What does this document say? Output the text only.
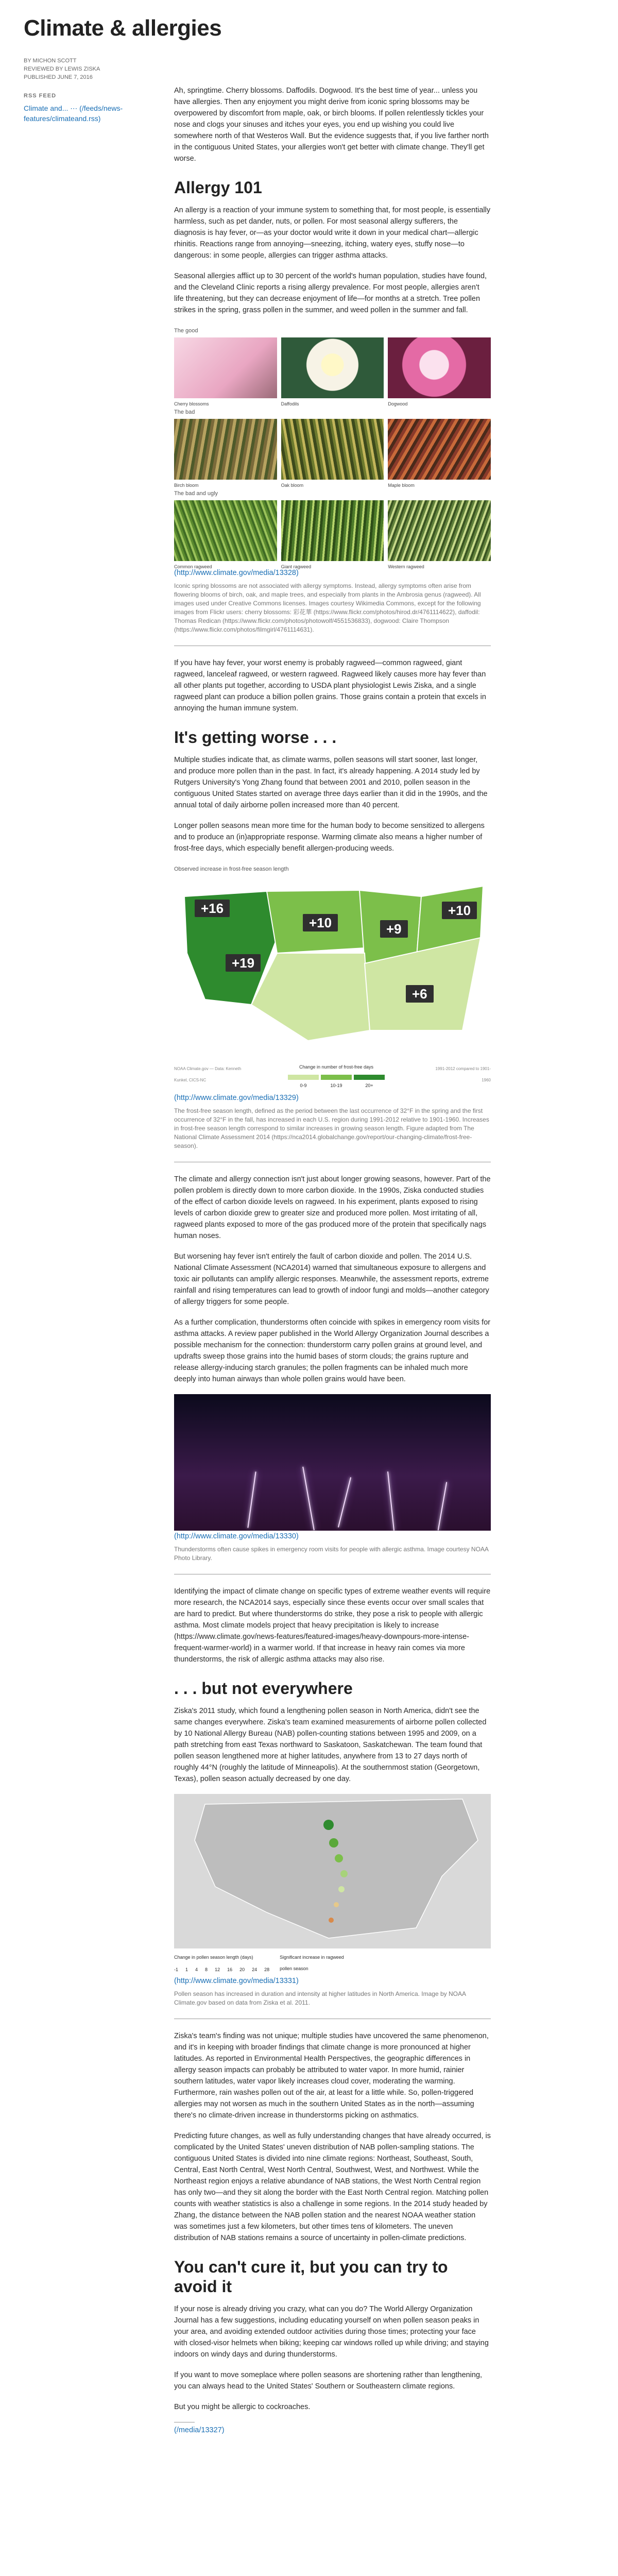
Climate & allergies
BY MICHON SCOTT
REVIEWED BY LEWIS ZISKA
PUBLISHED JUNE 7, 2016
RSS FEED
Climate and... ⋯ (/feeds/news-features/climateand.rss)

Ah, springtime. Cherry blossoms. Daffodils. Dogwood. It's the best time of year... unless you have allergies. Then any enjoyment you might derive from iconic spring blossoms may be overpowered by discomfort from maple, oak, or birch blooms. If pollen relentlessly tickles your nose and clogs your sinuses and itches your eyes, you end up wishing you could live somewhere north of that Westeros Wall. But the evidence suggests that, if you live farther north in the contiguous United States, your allergies won't get better with climate change. They'll get worse.

Allergy 101

An allergy is a reaction of your immune system to something that, for most people, is essentially harmless, such as pet dander, nuts, or pollen. For most seasonal allergy sufferers, the diagnosis is hay fever, or—as your doctor would write it down in your medical chart—allergic rhinitis. Reactions range from annoying—sneezing, itching, watery eyes, stuffy nose—to dangerous: in some people, allergies can trigger asthma attacks.

Seasonal allergies afflict up to 30 percent of the world's human population, studies have found, and the Cleveland Clinic reports a rising allergy prevalence. For most people, allergies aren't life threatening, but they can decrease enjoyment of life—for months at a stretch. Tree pollen strikes in the spring, grass pollen in the summer, and weed pollen in the summer and fall.

The good
Cherry blossoms	Daffodils	Dogwood
The bad
Birch bloom	Oak bloom	Maple bloom
The bad and ugly
Common ragweed	Giant ragweed	Western ragweed
(http://www.climate.gov/media/13328)
Iconic spring blossoms are not associated with allergy symptoms. Instead, allergy symptoms often arise from flowering blooms of birch, oak, and maple trees, and especially from plants in the Ambrosia genus (ragweed). All images used under Creative Commons licenses. Images courtesy Wikimedia Commons, except for the following images from Flickr users: cherry blossoms: 彩花華 (https://www.flickr.com/photos/hirod.dr/4761114622), daffodil: Thomas Redican (https://www.flickr.com/photos/photowolf/4551536833), dogwood: Claire Thompson (https://www.flickr.com/photos/filmgirl/4761114631).

If you have hay fever, your worst enemy is probably ragweed—common ragweed, giant ragweed, lanceleaf ragweed, or western ragweed. Ragweed likely causes more hay fever than all other plants put together, according to USDA plant physiologist Lewis Ziska, and a single ragweed plant can produce a billion pollen grains. Those grains contain a protein that excels in annoying the human immune system.

It's getting worse . . .

Multiple studies indicate that, as climate warms, pollen seasons will start sooner, last longer, and produce more pollen than in the past. In fact, it's already happening. A 2014 study led by Rutgers University's Yong Zhang found that between 2001 and 2010, pollen season in the contiguous United States started on average three days earlier than it did in the 1990s, and the annual total of daily airborne pollen increased more than 40 percent.

Longer pollen seasons mean more time for the human body to become sensitized to allergens and to produce an (in)appropriate response. Warming climate also means a higher number of frost-free days, which especially benefit allergen-producing weeds.

Observed increase in frost-free season length
+16
+10	+9
+10
+19
+6
NOAA Climate.gov — Data: Kenneth Kunkel, CICS-NC
Change in number of frost-free days
0-9	10-19	20+
1991-2012 compared to 1901-1960
(http://www.climate.gov/media/13329)
The frost-free season length, defined as the period between the last occurrence of 32°F in the spring and the first occurrence of 32°F in the fall, has increased in each U.S. region during 1991-2012 relative to 1901-1960. Increases in frost-free season length correspond to similar increases in growing season length. Figure adapted from The National Climate Assessment 2014 (https://nca2014.globalchange.gov/report/our-changing-climate/frost-free-season).

The climate and allergy connection isn't just about longer growing seasons, however. Part of the pollen problem is directly down to more carbon dioxide. In the 1990s, Ziska conducted studies of the effect of carbon dioxide levels on ragweed. In his experiment, plants exposed to rising levels of carbon dioxide grew to greater size and produced more pollen. Most irritating of all, ragweed plants exposed to more of the gas produced more of the protein that specifically nags human noses.

But worsening hay fever isn't entirely the fault of carbon dioxide and pollen. The 2014 U.S. National Climate Assessment (NCA2014) warned that simultaneous exposure to allergens and toxic air pollutants can amplify allergic responses. Meanwhile, the assessment reports, extreme rainfall and rising temperatures can lead to growth of indoor fungi and molds—another category of allergy triggers for some people.

As a further complication, thunderstorms often coincide with spikes in emergency room visits for asthma attacks. A review paper published in the World Allergy Organization Journal describes a possible mechanism for the connection: thunderstorm carry pollen grains at ground level, and updrafts sweep those grains into the humid bases of storm clouds; the grains rupture and release allergy-inducing starch granules; the pollen fragments can be inhaled much more deeply into human airways than whole pollen grains would have been.

(http://www.climate.gov/media/13330)
Thunderstorms often cause spikes in emergency room visits for people with allergic asthma. Image courtesy NOAA Photo Library.

Identifying the impact of climate change on specific types of extreme weather events will require more research, the NCA2014 says, especially since these events occur over small scales that are hard to predict. But where thunderstorms do strike, they pose a risk to people with allergic asthma. Most climate models project that heavy precipitation is likely to increase (https://www.climate.gov/news-features/featured-images/heavy-downpours-more-intense-frequent-warmer-world) in a warmer world. If that increase in heavy rain comes via more thunderstorms, the risk of allergic asthma attacks may also rise.

. . . but not everywhere

Ziska's 2011 study, which found a lengthening pollen season in North America, didn't see the same changes everywhere. Ziska's team examined measurements of airborne pollen collected by 10 National Allergy Bureau (NAB) pollen-counting stations between 1995 and 2009, on a path stretching from east Texas northward to Saskatoon, Saskatchewan. The team found that pollen season lengthened more at higher latitudes, anywhere from 13 to 27 days north of roughly 44°N (roughly the latitude of Minneapolis). At the southernmost station (Georgetown, Texas), pollen season actually decreased by one day.

Change in pollen season length (days)
-1 1 4 8 12 16 20 24 28
Significant increase in ragweed pollen season
(http://www.climate.gov/media/13331)
Pollen season has increased in duration and intensity at higher latitudes in North America. Image by NOAA Climate.gov based on data from Ziska et al. 2011.

Ziska's team's finding was not unique; multiple studies have uncovered the same phenomenon, and it's in keeping with broader findings that climate change is more pronounced at higher latitudes. As reported in Environmental Health Perspectives, the geographic differences in allergy season impacts can probably be attributed to water vapor. In more humid, rainier southern latitudes, water vapor likely increases cloud cover, moderating the warming. Furthermore, rain washes pollen out of the air, at least for a little while. So, pollen-triggered allergies may not worsen as much in the southern United States as in the north—assuming there's no climate-driven increase in thunderstorms picking on asthmatics.

Predicting future changes, as well as fully understanding changes that have already occurred, is complicated by the United States' uneven distribution of NAB pollen-sampling stations. The contiguous United States is divided into nine climate regions: Northeast, Southeast, South, Central, East North Central, West North Central, Southwest, West, and Northwest. While the Northeast region enjoys a relative abundance of NAB stations, the West North Central region has only two—and they sit along the border with the East North Central region. Matching pollen counts with weather statistics is also a challenge in some regions. In the 2014 study headed by Zhang, the distance between the NAB pollen station and the nearest NOAA weather station was sometimes just a few kilometers, but other times tens of kilometers. The uneven distribution of NAB stations remains a source of uncertainty in pollen-climate predictions.

You can't cure it, but you can try to avoid it

If your nose is already driving you crazy, what can you do? The World Allergy Organization Journal has a few suggestions, including educating yourself on when pollen season peaks in your area, and avoiding extended outdoor activities during those times; protecting your face with closed-visor helmets when biking; keeping car windows rolled up while driving; and staying indoors on windy days and during thunderstorms.

If you want to move someplace where pollen seasons are shortening rather than lengthening, you can always head to the United States' Southern or Southeastern climate regions.

But you might be allergic to cockroaches.

(/media/13327)
